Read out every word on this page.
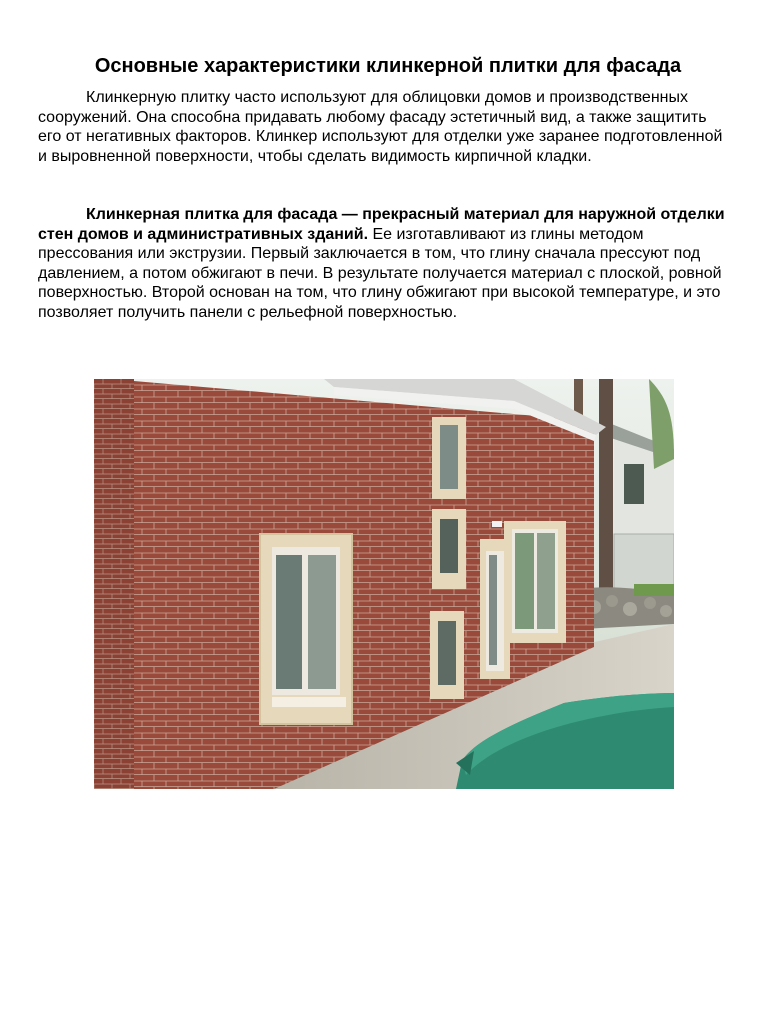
Основные характеристики клинкерной плитки для фасада

Клинкерную плитку часто используют для облицовки домов и производственных сооружений. Она способна придавать любому фасаду эстетичный вид, а также защитить его от негативных факторов. Клинкер используют для отделки уже заранее подготовленной и выровненной поверхности, чтобы сделать видимость кирпичной кладки.

Клинкерная плитка для фасада — прекрасный материал для наружной отделки стен домов и административных зданий. Ее изготавливают из глины методом прессования или экструзии. Первый заключается в том, что глину сначала прессуют под давлением, а потом обжигают в печи. В результате получается материал с плоской, ровной поверхностью. Второй основан на том, что глину обжигают при высокой температуре, и это позволяет получить панели с рельефной поверхностью.
